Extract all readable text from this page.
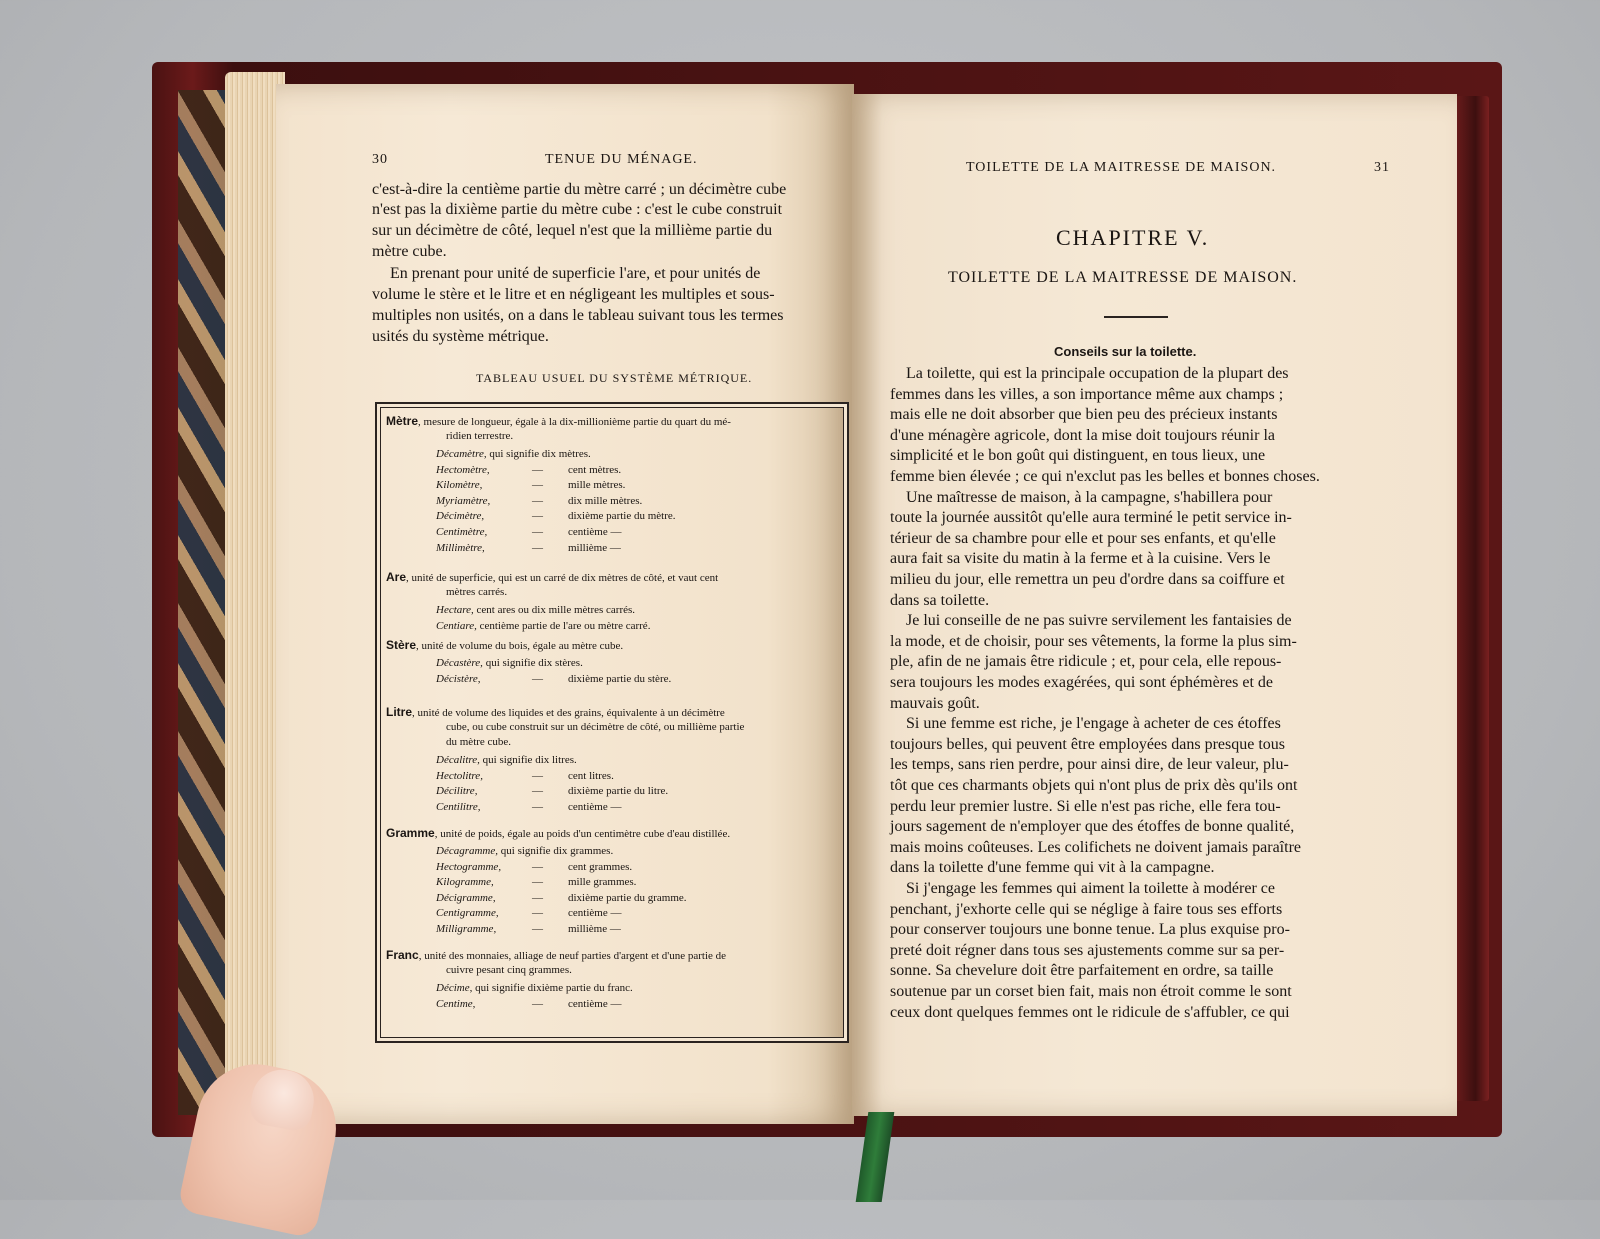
30	TENUE DU MÉNAGE.
c'est-à-dire la centième partie du mètre carré ; un décimètre cube
n'est pas la dixième partie du mètre cube : c'est le cube construit
sur un décimètre de côté, lequel n'est que la millième partie du
mètre cube.
En prenant pour unité de superficie l'are, et pour unités de
volume le stère et le litre et en négligeant les multiples et sous-
multiples non usités, on a dans le tableau suivant tous les termes
usités du système métrique.
TABLEAU USUEL DU SYSTÈME MÉTRIQUE.
Mètre, mesure de longueur, égale à la dix-millionième partie du quart du mé-
ridien terrestre.
Décamètre, qui signifie dix mètres.
Hectomètre,	— cent mètres.
Kilomètre,	— mille mètres.
Myriamètre,	— dix mille mètres.
Décimètre,	— dixième partie du mètre.
Centimètre,	— centième —
Millimètre,	— millième —
Are, unité de superficie, qui est un carré de dix mètres de côté, et vaut cent
mètres carrés.
Hectare, cent ares ou dix mille mètres carrés.
Centiare, centième partie de l'are ou mètre carré.
Stère, unité de volume du bois, égale au mètre cube.
Décastère, qui signifie dix stères.
Décistère,	— dixième partie du stère.
Litre, unité de volume des liquides et des grains, équivalente à un décimètre
cube, ou cube construit sur un décimètre de côté, ou millième partie
du mètre cube.
Décalitre, qui signifie dix litres.
Hectolitre,	— cent litres.
Décilitre,	— dixième partie du litre.
Centilitre,	— centième —
Gramme, unité de poids, égale au poids d'un centimètre cube d'eau distillée.
Décagramme, qui signifie dix grammes.
Hectogramme,	— cent grammes.
Kilogramme,	— mille grammes.
Décigramme,	— dixième partie du gramme.
Centigramme,	— centième —
Milligramme,	— millième —
Franc, unité des monnaies, alliage de neuf parties d'argent et d'une partie de
cuivre pesant cinq grammes.
Décime, qui signifie dixième partie du franc.
Centime,	— centième —
TOILETTE DE LA MAITRESSE DE MAISON.	31
CHAPITRE V.
TOILETTE DE LA MAITRESSE DE MAISON.
Conseils sur la toilette.
La toilette, qui est la principale occupation de la plupart des
femmes dans les villes, a son importance même aux champs ;
mais elle ne doit absorber que bien peu des précieux instants
d'une ménagère agricole, dont la mise doit toujours réunir la
simplicité et le bon goût qui distinguent, en tous lieux, une
femme bien élevée ; ce qui n'exclut pas les belles et bonnes choses.
Une maîtresse de maison, à la campagne, s'habillera pour
toute la journée aussitôt qu'elle aura terminé le petit service in-
térieur de sa chambre pour elle et pour ses enfants, et qu'elle
aura fait sa visite du matin à la ferme et à la cuisine. Vers le
milieu du jour, elle remettra un peu d'ordre dans sa coiffure et
dans sa toilette.
Je lui conseille de ne pas suivre servilement les fantaisies de
la mode, et de choisir, pour ses vêtements, la forme la plus sim-
ple, afin de ne jamais être ridicule ; et, pour cela, elle repous-
sera toujours les modes exagérées, qui sont éphémères et de
mauvais goût.
Si une femme est riche, je l'engage à acheter de ces étoffes
toujours belles, qui peuvent être employées dans presque tous
les temps, sans rien perdre, pour ainsi dire, de leur valeur, plu-
tôt que ces charmants objets qui n'ont plus de prix dès qu'ils ont
perdu leur premier lustre. Si elle n'est pas riche, elle fera tou-
jours sagement de n'employer que des étoffes de bonne qualité,
mais moins coûteuses. Les colifichets ne doivent jamais paraître
dans la toilette d'une femme qui vit à la campagne.
Si j'engage les femmes qui aiment la toilette à modérer ce
penchant, j'exhorte celle qui se néglige à faire tous ses efforts
pour conserver toujours une bonne tenue. La plus exquise pro-
preté doit régner dans tous ses ajustements comme sur sa per-
sonne. Sa chevelure doit être parfaitement en ordre, sa taille
soutenue par un corset bien fait, mais non étroit comme le sont
ceux dont quelques femmes ont le ridicule de s'affubler, ce qui
